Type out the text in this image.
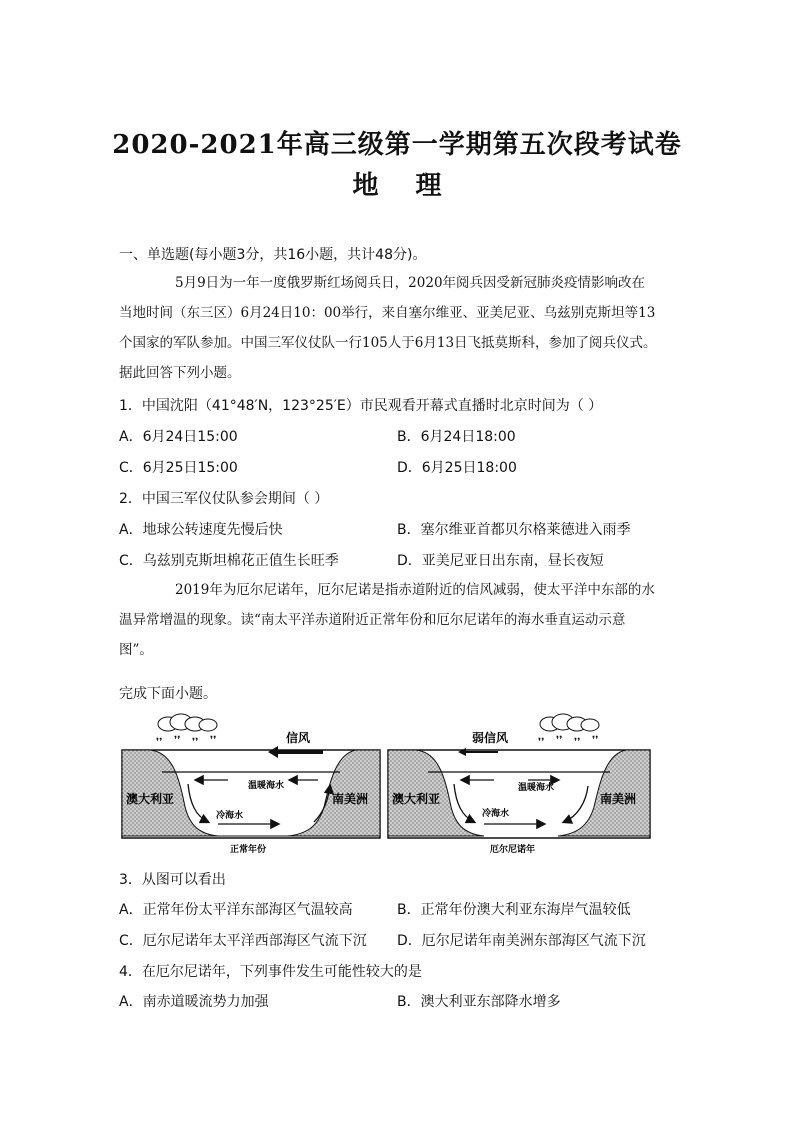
2020-2021年高三级第一学期第五次段考试卷
地 理
一、单选题(每小题3分，共16小题，共计48分)。
5月9日为一年一度俄罗斯红场阅兵日，2020年阅兵因受新冠肺炎疫情影响改在
当地时间（东三区）6月24日10：00举行，来自塞尔维亚、亚美尼亚、乌兹别克斯坦等13
个国家的军队参加。中国三军仪仗队一行105人于6月13日飞抵莫斯科，参加了阅兵仪式。
据此回答下列小题。
1．中国沈阳（41°48′N，123°25′E）市民观看开幕式直播时北京时间为（ ）
A．6月24日15:00	B．6月24日18:00
C．6月25日15:00	D．6月25日18:00
2．中国三军仪仗队参会期间（ ）
A．地球公转速度先慢后快	B．塞尔维亚首都贝尔格莱德进入雨季
C．乌兹别克斯坦棉花正值生长旺季	D．亚美尼亚日出东南，昼长夜短
2019年为厄尔尼诺年，厄尔尼诺是指赤道附近的信风减弱，使太平洋中东部的水
温异常增温的现象。读“南太平洋赤道附近正常年份和厄尔尼诺年的海水垂直运动示意
图”。
完成下面小题。
❜❜ ❜❜ ❜❜ ❜❜	信风
温暖海水
冷海水
澳大利亚	南美洲
正常年份
❜❜ ❜❜ ❜❜ ❜❜
弱信风
温暖海水
冷海水
澳大利亚	南美洲
厄尔尼诺年
3．从图可以看出
A．正常年份太平洋东部海区气温较高	B．正常年份澳大利亚东海岸气温较低
C．厄尔尼诺年太平洋西部海区气流下沉 D．厄尔尼诺年南美洲东部海区气流下沉
4．在厄尔尼诺年，下列事件发生可能性较大的是
A．南赤道暖流势力加强	B．澳大利亚东部降水增多
